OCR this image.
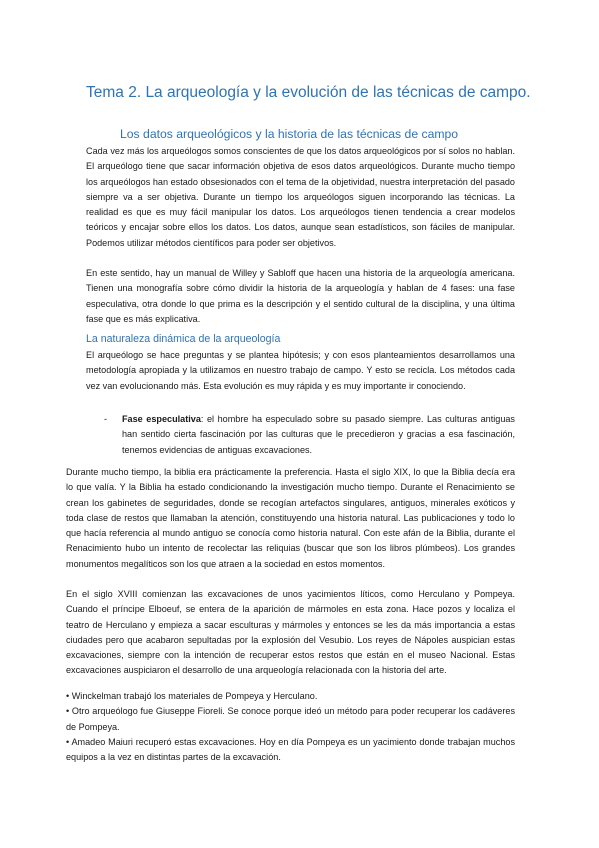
Tema 2. La arqueología y la evolución de las técnicas de campo.
Los datos arqueológicos y la historia de las técnicas de campo

Cada vez más los arqueólogos somos conscientes de que los datos arqueológicos por sí solos no hablan. El arqueólogo tiene que sacar información objetiva de esos datos arqueológicos. Durante mucho tiempo los arqueólogos han estado obsesionados con el tema de la objetividad, nuestra interpretación del pasado siempre va a ser objetiva. Durante un tiempo los arqueólogos siguen incorporando las técnicas. La realidad es que es muy fácil manipular los datos. Los arqueólogos tienen tendencia a crear modelos teóricos y encajar sobre ellos los datos. Los datos, aunque sean estadísticos, son fáciles de manipular. Podemos utilizar métodos científicos para poder ser objetivos.

En este sentido, hay un manual de Willey y Sabloff que hacen una historia de la arqueología americana. Tienen una monografía sobre cómo dividir la historia de la arqueología y hablan de 4 fases: una fase especulativa, otra donde lo que prima es la descripción y el sentido cultural de la disciplina, y una última fase que es más explicativa.

La naturaleza dinámica de la arqueología

El arqueólogo se hace preguntas y se plantea hipótesis; y con esos planteamientos desarrollamos una metodología apropiada y la utilizamos en nuestro trabajo de campo. Y esto se recicla. Los métodos cada vez van evolucionando más. Esta evolución es muy rápida y es muy importante ir conociendo.

- Fase especulativa: el hombre ha especulado sobre su pasado siempre. Las culturas antiguas han sentido cierta fascinación por las culturas que le precedieron y gracias a esa fascinación, tenemos evidencias de antiguas excavaciones.

Durante mucho tiempo, la biblia era prácticamente la preferencia. Hasta el siglo XIX, lo que la Biblia decía era lo que valía. Y la Biblia ha estado condicionando la investigación mucho tiempo. Durante el Renacimiento se crean los gabinetes de seguridades, donde se recogían artefactos singulares, antiguos, minerales exóticos y toda clase de restos que llamaban la atención, constituyendo una historia natural. Las publicaciones y todo lo que hacía referencia al mundo antiguo se conocía como historia natural. Con este afán de la Biblia, durante el Renacimiento hubo un intento de recolectar las reliquias (buscar que son los libros plúmbeos). Los grandes monumentos megalíticos son los que atraen a la sociedad en estos momentos.

En el siglo XVIII comienzan las excavaciones de unos yacimientos líticos, como Herculano y Pompeya. Cuando el príncipe Elboeuf, se entera de la aparición de mármoles en esta zona. Hace pozos y localiza el teatro de Herculano y empieza a sacar esculturas y mármoles y entonces se les da más importancia a estas ciudades pero que acabaron sepultadas por la explosión del Vesubio. Los reyes de Nápoles auspician estas excavaciones, siempre con la intención de recuperar estos restos que están en el museo Nacional. Estas excavaciones auspiciaron el desarrollo de una arqueología relacionada con la historia del arte.

• Winckelman trabajó los materiales de Pompeya y Herculano.

• Otro arqueólogo fue Giuseppe Fioreli. Se conoce porque ideó un método para poder recuperar los cadáveres de Pompeya.

• Amadeo Maiuri recuperó estas excavaciones. Hoy en día Pompeya es un yacimiento donde trabajan muchos equipos a la vez en distintas partes de la excavación.
